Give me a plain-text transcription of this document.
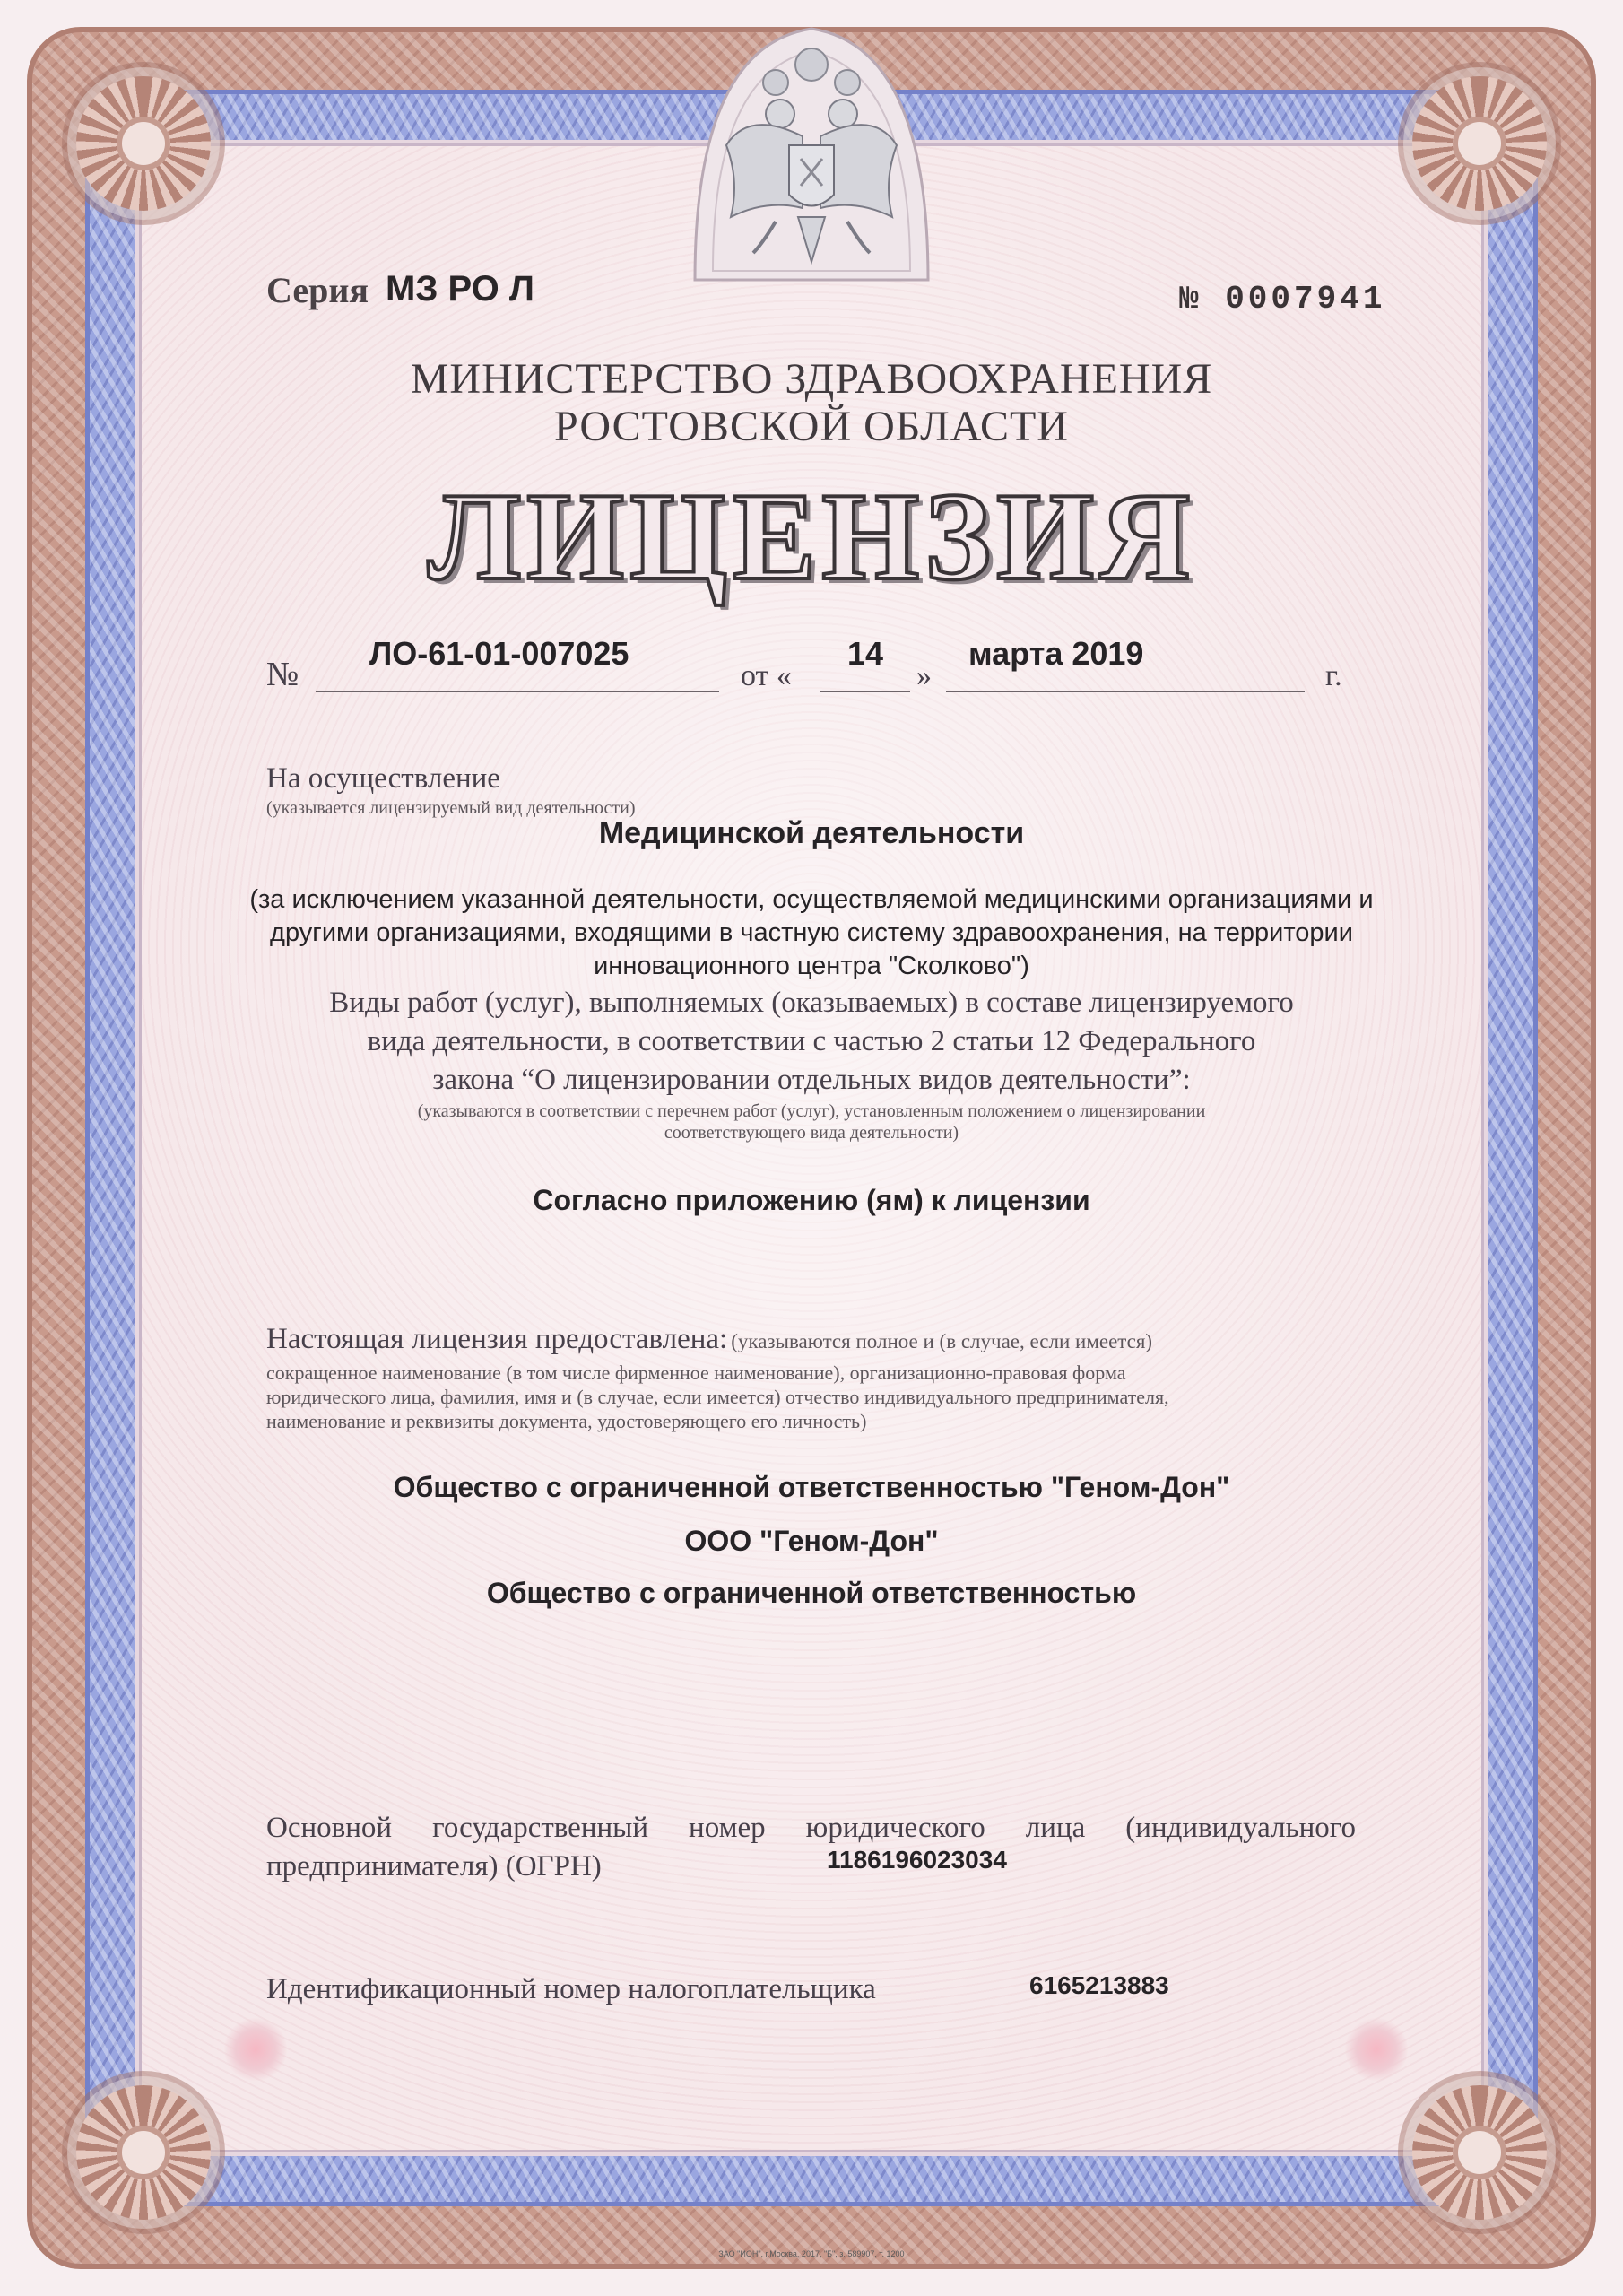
Серия МЗ РО Л	№ 0007941
МИНИСТЕРСТВО ЗДРАВООХРАНЕНИЯ
РОСТОВСКОЙ ОБЛАСТИ
ЛИЦЕНЗИЯ
№
ЛО-61-01-007025
от «
14
»
марта 2019
г.
На осуществление
(указывается лицензируемый вид деятельности)
Медицинской деятельности
(за исключением указанной деятельности, осуществляемой медицинскими организациями и другими организациями, входящими в частную систему здравоохранения, на территории инновационного центра "Сколково")
Виды работ (услуг), выполняемых (оказываемых) в составе лицензируемого
вида деятельности, в соответствии с частью 2 статьи 12 Федерального
закона “О лицензировании отдельных видов деятельности”:
(указываются в соответствии с перечнем работ (услуг), установленным положением о лицензировании
соответствующего вида деятельности)
Согласно приложению (ям) к лицензии
Настоящая лицензия предоставлена: (указываются полное и (в случае, если имеется)
сокращенное наименование (в том числе фирменное наименование), организационно-правовая форма
юридического лица, фамилия, имя и (в случае, если имеется) отчество индивидуального предпринимателя,
наименование и реквизиты документа, удостоверяющего его личность)
Общество с ограниченной ответственностью "Геном-Дон"
ООО "Геном-Дон"
Общество с ограниченной ответственностью
Основной государственный номер юридического лица (индивидуального
предпринимателя) (ОГРН)	1186196023034
Идентификационный номер налогоплательщика	6165213883
ЗАО "ИОН", г.Москва, 2017, "Б", з. 589907, т. 1200
